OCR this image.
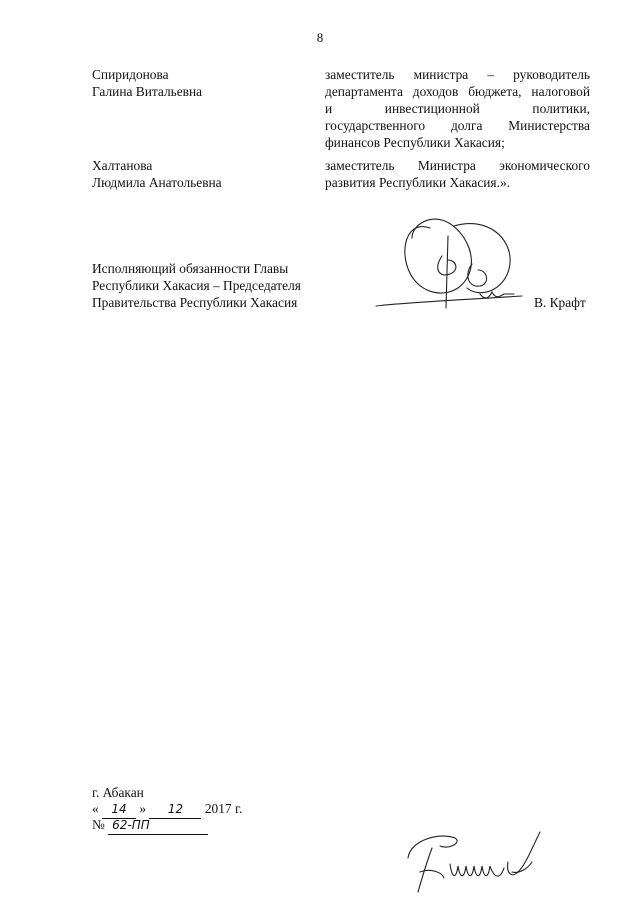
8
Спиридонова
Галина Витальевна
заместитель министра – руководитель
департамента доходов бюджета, налоговой
и инвестиционной политики,
государственного долга Министерства
финансов Республики Хакасия;
Халтанова
Людмила Анатольевна
заместитель Министра экономического
развития Республики Хакасия.».
Исполняющий обязанности Главы
Республики Хакасия – Председателя
Правительства Республики Хакасия	В. Крафт
г. Абакан
« 14 » 12 2017 г.
№ 62-ПП
